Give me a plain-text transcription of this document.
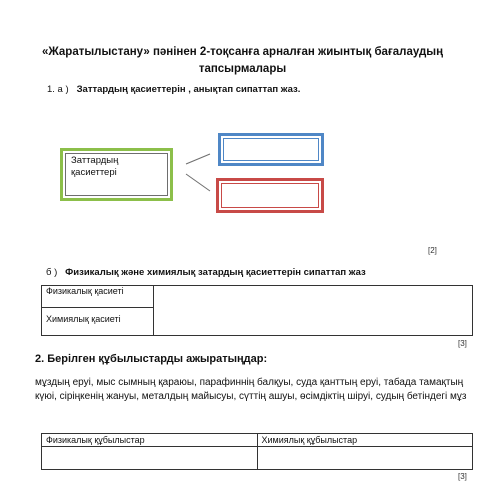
«Жаратылыстану» пәнінен 2-тоқсанға арналған жиынтық бағалаудың
тапсырмалары
1. а ) Заттардың қасиеттерін , анықтап сипаттап жаз.
Заттардың
қасиеттері
[2]
б ) Физикалық және химиялық затардың қасиеттерін сипаттап жаз
Физикалық қасиеті	
Химиялық қасиеті
[3]
2. Берілген құбылыстарды ажыратыңдар:
мұздың еруі, мыс сымның қараюы, парафиннің балқуы, суда қанттың еруі, табада тамақтың күюі, сіріңкенің жануы, металдың майысуы, сүттің ашуы, өсімдіктің шіруі, судың бетіндегі мұз
Физикалық құбылыстар	Химиялық құбылыстар

[3]
